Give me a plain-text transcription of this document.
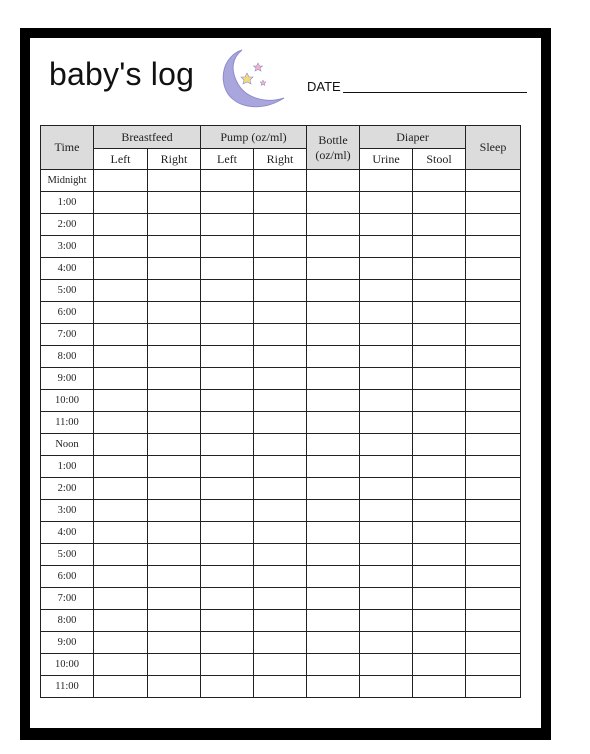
baby's log	DATE
Time	Breastfeed		Pump (oz/ml)		Bottle (oz/ml)	Diaper		Sleep
	Left	Right	Left	Right		Urine	Stool	
Midnight								
1:00								
2:00								
3:00								
4:00								
5:00								
6:00								
7:00								
8:00								
9:00								
10:00								
11:00								
Noon								
1:00								
2:00								
3:00								
4:00								
5:00								
6:00								
7:00								
8:00								
9:00								
10:00								
11:00								
